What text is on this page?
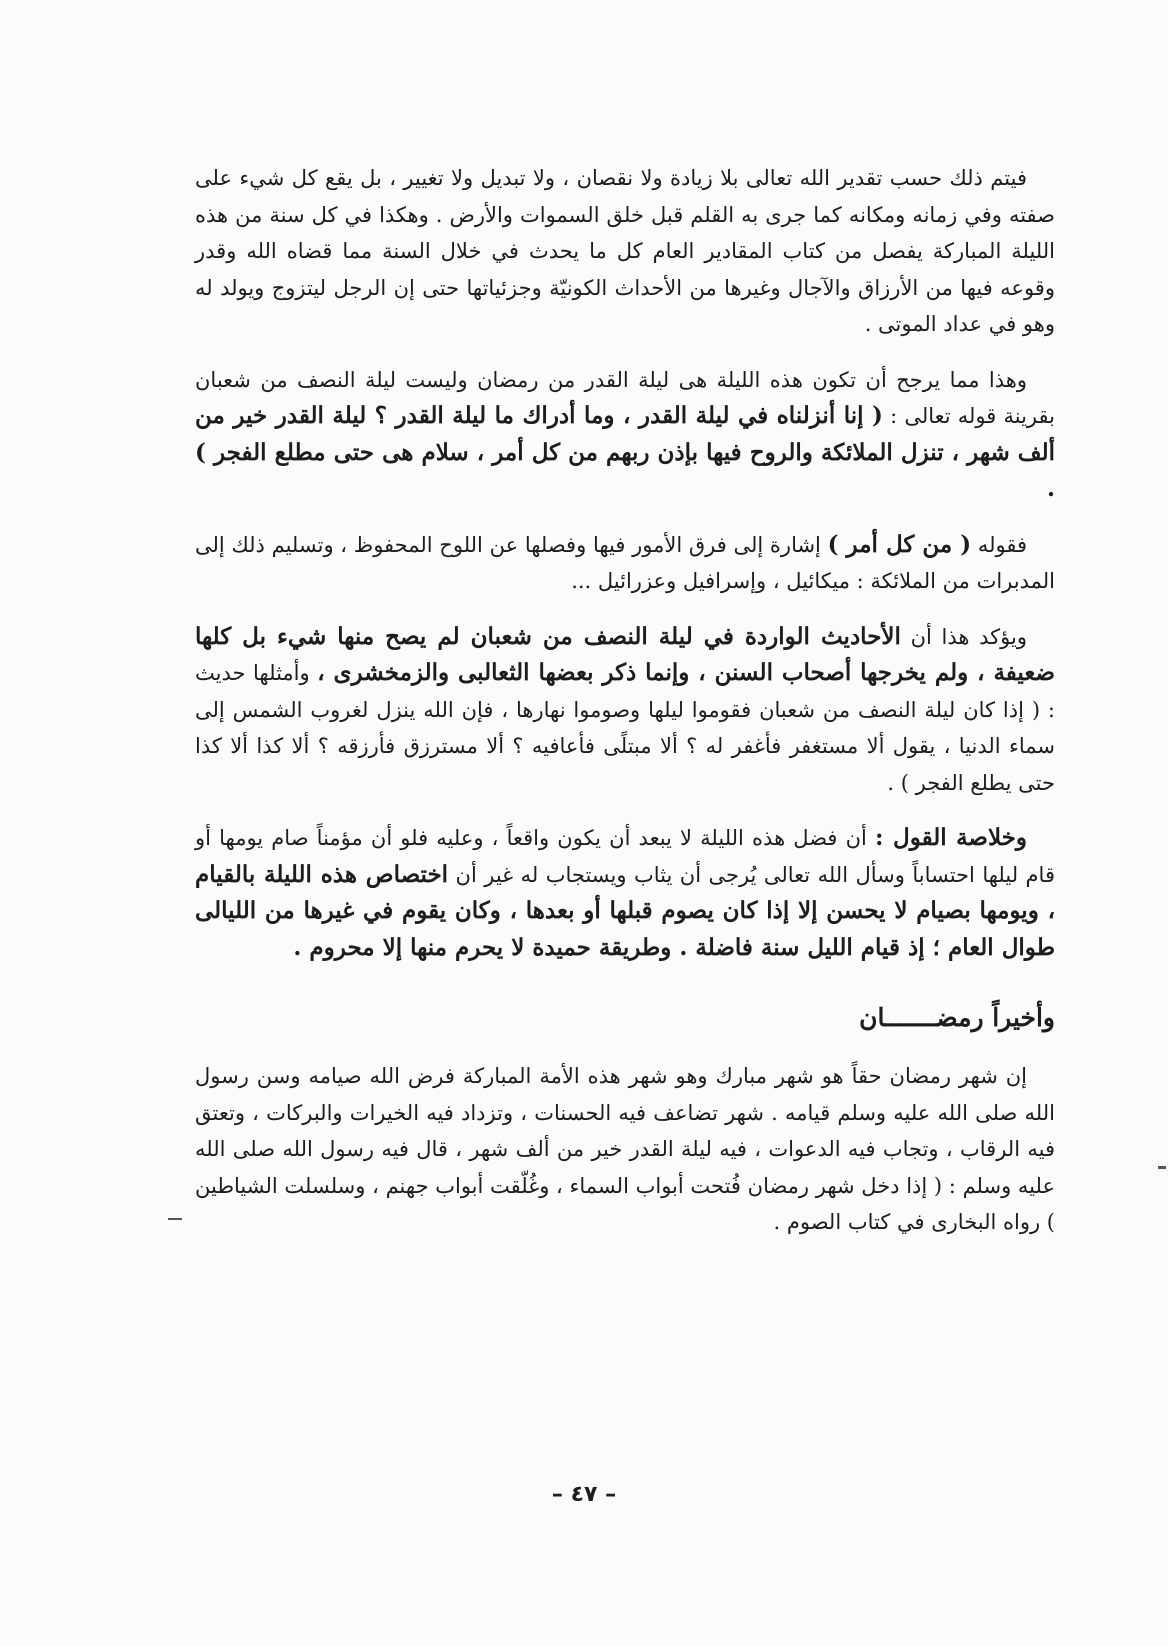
فيتم ذلك حسب تقدير الله تعالى بلا زيادة ولا نقصان ، ولا تبديل ولا تغيير ، بل يقع كل شيء على صفته وفي زمانه ومكانه كما جرى به القلم قبل خلق السموات والأرض . وهكذا في كل سنة من هذه الليلة المباركة يفصل من كتاب المقادير العام كل ما يحدث في خلال السنة مما قضاه الله وقدر وقوعه فيها من الأرزاق والآجال وغيرها من الأحداث الكونيّة وجزئياتها حتى إن الرجل ليتزوج ويولد له وهو في عداد الموتى .

وهذا مما يرجح أن تكون هذه الليلة هى ليلة القدر من رمضان وليست ليلة النصف من شعبان بقرينة قوله تعالى : ( إنا أنزلناه في ليلة القدر ، وما أدراك ما ليلة القدر ؟ ليلة القدر خير من ألف شهر ، تنزل الملائكة والروح فيها بإذن ربهم من كل أمر ، سلام هى حتى مطلع الفجر ) .

فقوله ( من كل أمر ) إشارة إلى فرق الأمور فيها وفصلها عن اللوح المحفوظ ، وتسليم ذلك إلى المدبرات من الملائكة : ميكائيل ، وإسرافيل وعزرائيل ...

ويؤكد هذا أن الأحاديث الواردة في ليلة النصف من شعبان لم يصح منها شيء بل كلها ضعيفة ، ولم يخرجها أصحاب السنن ، وإنما ذكر بعضها الثعالبى والزمخشرى ، وأمثلها حديث : ( إذا كان ليلة النصف من شعبان فقوموا ليلها وصوموا نهارها ، فإن الله ينزل لغروب الشمس إلى سماء الدنيا ، يقول ألا مستغفر فأغفر له ؟ ألا مبتلًى فأعافيه ؟ ألا مسترزق فأرزقه ؟ ألا كذا ألا كذا حتى يطلع الفجر ) .

وخلاصة القول : أن فضل هذه الليلة لا يبعد أن يكون واقعاً ، وعليه فلو أن مؤمناً صام يومها أو قام ليلها احتساباً وسأل الله تعالى يُرجى أن يثاب ويستجاب له غير أن اختصاص هذه الليلة بالقيام ، ويومها بصيام لا يحسن إلا إذا كان يصوم قبلها أو بعدها ، وكان يقوم في غيرها من الليالى طوال العام ؛ إذ قيام الليل سنة فاضلة . وطريقة حميدة لا يحرم منها إلا محروم .

وأخيراً رمضـــــــان

إن شهر رمضان حقاً هو شهر مبارك وهو شهر هذه الأمة المباركة فرض الله صيامه وسن رسول الله صلى الله عليه وسلم قيامه . شهر تضاعف فيه الحسنات ، وتزداد فيه الخيرات والبركات ، وتعتق فيه الرقاب ، وتجاب فيه الدعوات ، فيه ليلة القدر خير من ألف شهر ، قال فيه رسول الله صلى الله عليه وسلم : ( إذا دخل شهر رمضان فُتحت أبواب السماء ، وغُلّقت أبواب جهنم ، وسلسلت الشياطين ) رواه البخارى في كتاب الصوم .

– ٤٧ –
